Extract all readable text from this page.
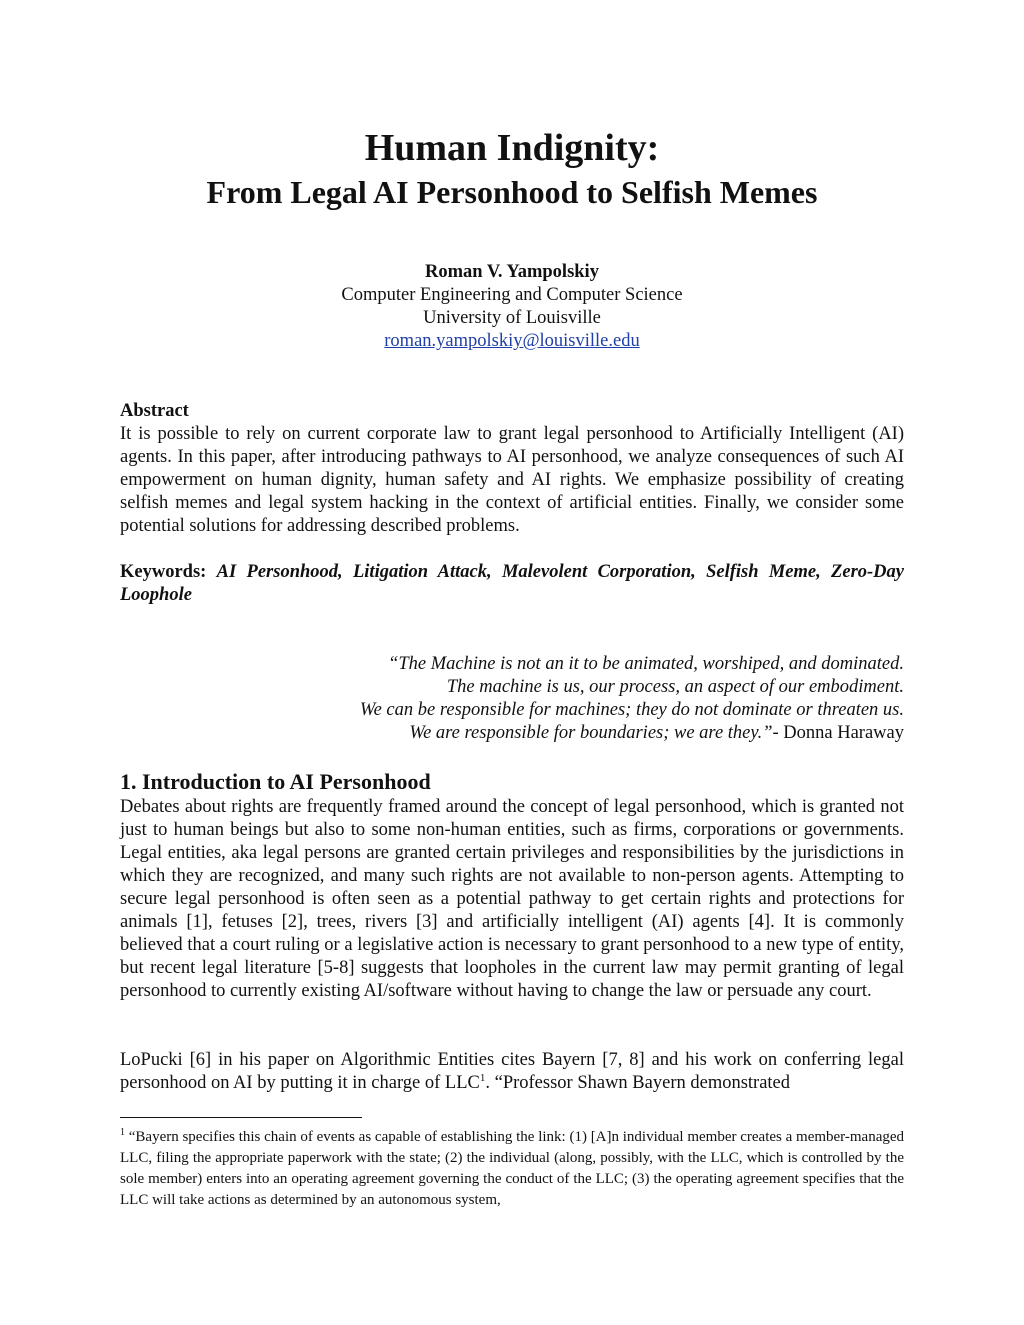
Human Indignity:
From Legal AI Personhood to Selfish Memes
Roman V. Yampolskiy
Computer Engineering and Computer Science
University of Louisville
roman.yampolskiy@louisville.edu
Abstract
It is possible to rely on current corporate law to grant legal personhood to Artificially Intelligent (AI) agents. In this paper, after introducing pathways to AI personhood, we analyze consequences of such AI empowerment on human dignity, human safety and AI rights. We emphasize possibility of creating selfish memes and legal system hacking in the context of artificial entities. Finally, we consider some potential solutions for addressing described problems.
Keywords: AI Personhood, Litigation Attack, Malevolent Corporation, Selfish Meme, Zero-Day Loophole
“The Machine is not an it to be animated, worshiped, and dominated.
The machine is us, our process, an aspect of our embodiment.
We can be responsible for machines; they do not dominate or threaten us.
We are responsible for boundaries; we are they.”- Donna Haraway
1. Introduction to AI Personhood
Debates about rights are frequently framed around the concept of legal personhood, which is granted not just to human beings but also to some non-human entities, such as firms, corporations or governments. Legal entities, aka legal persons are granted certain privileges and responsibilities by the jurisdictions in which they are recognized, and many such rights are not available to non-person agents. Attempting to secure legal personhood is often seen as a potential pathway to get certain rights and protections for animals [1], fetuses [2], trees, rivers [3] and artificially intelligent (AI) agents [4]. It is commonly believed that a court ruling or a legislative action is necessary to grant personhood to a new type of entity, but recent legal literature [5-8] suggests that loopholes in the current law may permit granting of legal personhood to currently existing AI/software without having to change the law or persuade any court.
LoPucki [6] in his paper on Algorithmic Entities cites Bayern [7, 8] and his work on conferring legal personhood on AI by putting it in charge of LLC$^1$. “Professor Shawn Bayern demonstrated
$^1$ “Bayern specifies this chain of events as capable of establishing the link: (1) [A]n individual member creates a member-managed LLC, filing the appropriate paperwork with the state; (2) the individual (along, possibly, with the LLC, which is controlled by the sole member) enters into an operating agreement governing the conduct of the LLC; (3) the operating agreement specifies that the LLC will take actions as determined by an autonomous system,
